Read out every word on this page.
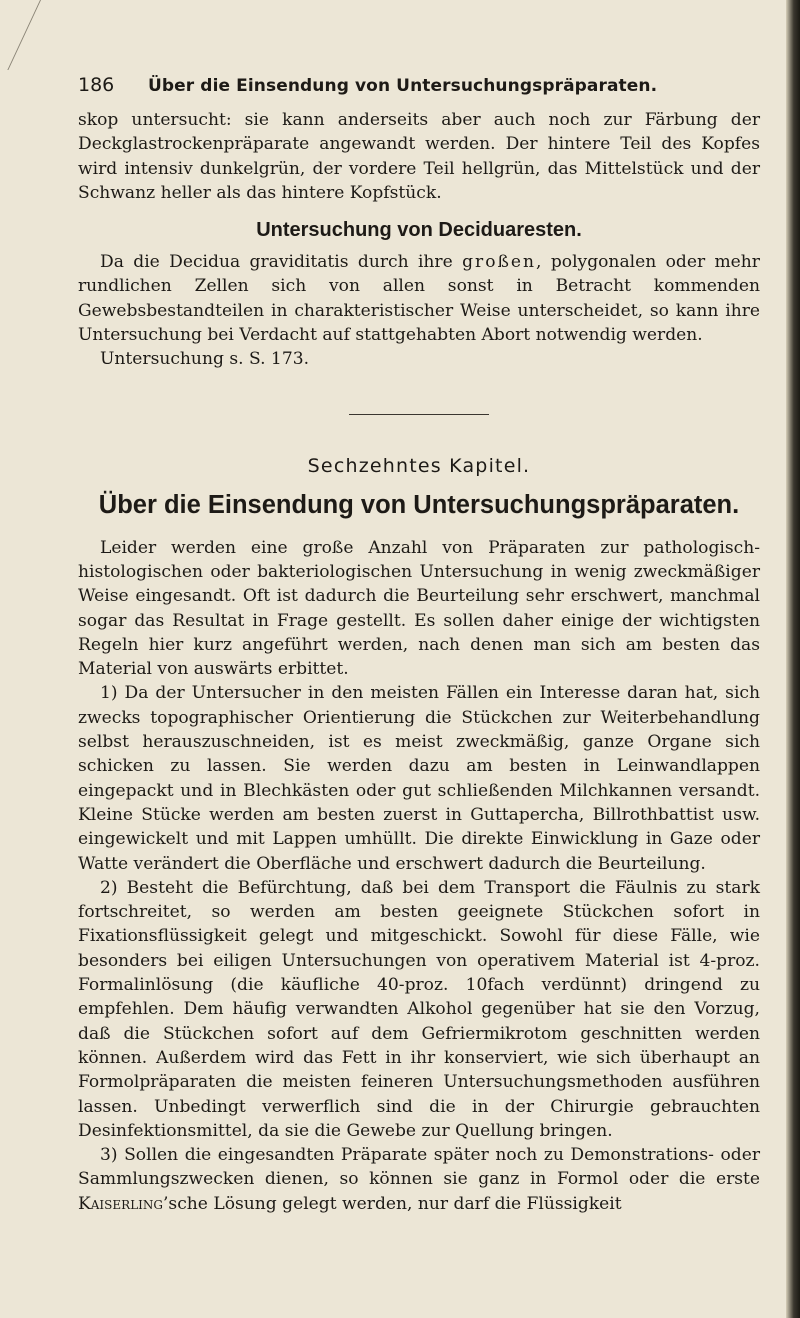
186 Über die Einsendung von Untersuchungspräparaten.

skop untersucht: sie kann anderseits aber auch noch zur Färbung der Deckglastrockenpräparate angewandt werden. Der hintere Teil des Kopfes wird intensiv dunkelgrün, der vordere Teil hellgrün, das Mittelstück und der Schwanz heller als das hintere Kopfstück.

Untersuchung von Deciduaresten.

Da die Decidua graviditatis durch ihre großen, polygonalen oder mehr rundlichen Zellen sich von allen sonst in Betracht kommenden Gewebsbestandteilen in charakteristischer Weise unterscheidet, so kann ihre Untersuchung bei Verdacht auf stattgehabten Abort notwendig werden.

Untersuchung s. S. 173.

Sechzehntes Kapitel.
Über die Einsendung von Untersuchungspräparaten.

Leider werden eine große Anzahl von Präparaten zur pathologisch-histologischen oder bakteriologischen Untersuchung in wenig zweckmäßiger Weise eingesandt. Oft ist dadurch die Beurteilung sehr erschwert, manchmal sogar das Resultat in Frage gestellt. Es sollen daher einige der wichtigsten Regeln hier kurz angeführt werden, nach denen man sich am besten das Material von auswärts erbittet.

1) Da der Untersucher in den meisten Fällen ein Interesse daran hat, sich zwecks topographischer Orientierung die Stückchen zur Weiterbehandlung selbst herauszuschneiden, ist es meist zweckmäßig, ganze Organe sich schicken zu lassen. Sie werden dazu am besten in Leinwandlappen eingepackt und in Blechkästen oder gut schließenden Milchkannen versandt. Kleine Stücke werden am besten zuerst in Guttapercha, Billrothbattist usw. eingewickelt und mit Lappen umhüllt. Die direkte Einwicklung in Gaze oder Watte verändert die Oberfläche und erschwert dadurch die Beurteilung.

2) Besteht die Befürchtung, daß bei dem Transport die Fäulnis zu stark fortschreitet, so werden am besten geeignete Stückchen sofort in Fixationsflüssigkeit gelegt und mitgeschickt. Sowohl für diese Fälle, wie besonders bei eiligen Untersuchungen von operativem Material ist 4-proz. Formalinlösung (die käufliche 40-proz. 10fach verdünnt) dringend zu empfehlen. Dem häufig verwandten Alkohol gegenüber hat sie den Vorzug, daß die Stückchen sofort auf dem Gefriermikrotom geschnitten werden können. Außerdem wird das Fett in ihr konserviert, wie sich überhaupt an Formolpräparaten die meisten feineren Untersuchungsmethoden ausführen lassen. Unbedingt verwerflich sind die in der Chirurgie gebrauchten Desinfektionsmittel, da sie die Gewebe zur Quellung bringen.

3) Sollen die eingesandten Präparate später noch zu Demonstrations- oder Sammlungszwecken dienen, so können sie ganz in Formol oder die erste Kaiserling’sche Lösung gelegt werden, nur darf die Flüssigkeit
